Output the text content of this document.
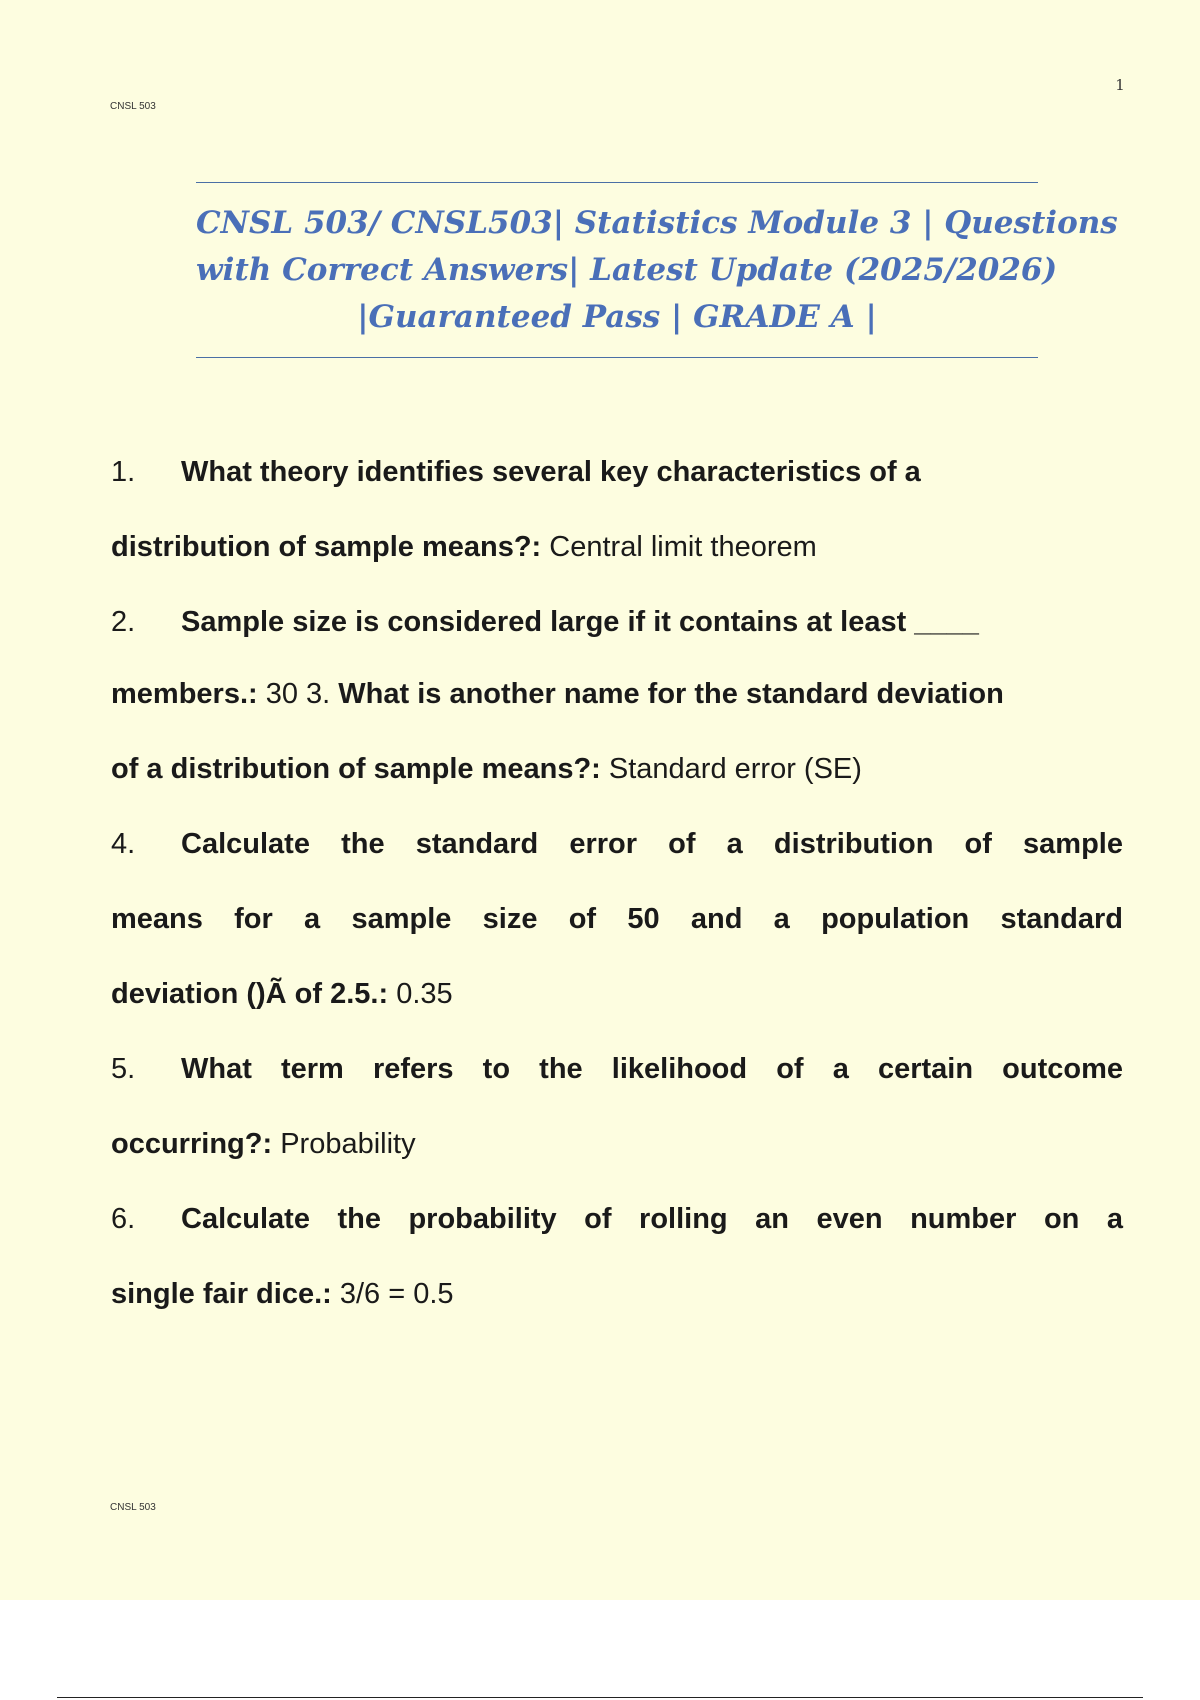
CNSL 503
1
CNSL 503/ CNSL503| Statistics Module 3 | Questions
with Correct Answers| Latest Update (2025/2026)
|Guaranteed Pass | GRADE A |
1. What theory identifies several key characteristics of a
distribution of sample means?: Central limit theorem
2. Sample size is considered large if it contains at least ____
members.: 30 3. What is another name for the standard deviation
of a distribution of sample means?: Standard error (SE)
4. Calculate the standard error of a distribution of sample
means for a sample size of 50 and a population standard
deviation ()Ã of 2.5.: 0.35
5. What term refers to the likelihood of a certain outcome
occurring?: Probability
6. Calculate the probability of rolling an even number on a
single fair dice.: 3/6 = 0.5
CNSL 503
